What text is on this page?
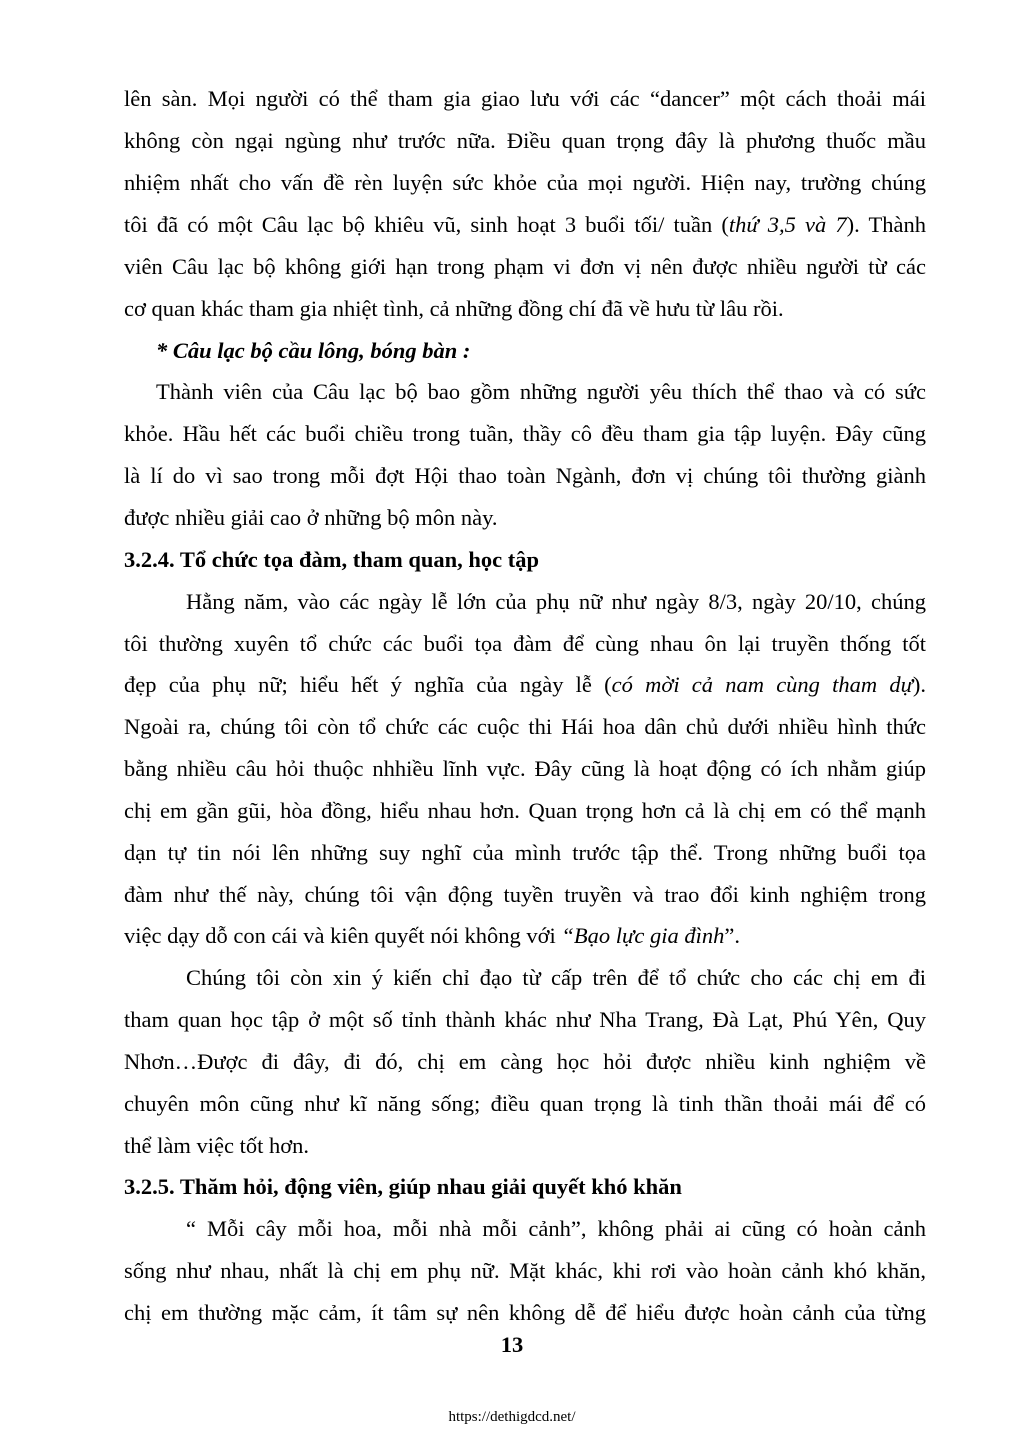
lên sàn. Mọi người có thể tham gia giao lưu với các “dancer” một cách thoải mái
không còn ngại ngùng như trước nữa. Điều quan trọng đây là phương thuốc mầu
nhiệm nhất cho vấn đề rèn luyện sức khỏe của mọi người. Hiện nay, trường chúng
tôi đã có một Câu lạc bộ khiêu vũ, sinh hoạt 3 buổi tối/ tuần (thứ 3,5 và 7). Thành
viên Câu lạc bộ không giới hạn trong phạm vi đơn vị nên được nhiều người từ các
cơ quan khác tham gia nhiệt tình, cả những đồng chí đã về hưu từ lâu rồi.
* Câu lạc bộ cầu lông, bóng bàn :
Thành viên của Câu lạc bộ bao gồm những người yêu thích thể thao và có sức
khỏe. Hầu hết các buổi chiều trong tuần, thầy cô đều tham gia tập luyện. Đây cũng
là lí do vì sao trong mỗi đợt Hội thao toàn Ngành, đơn vị chúng tôi thường giành
được nhiều giải cao ở những bộ môn này.
3.2.4. Tổ chức tọa đàm, tham quan, học tập
Hằng năm, vào các ngày lễ lớn của phụ nữ như ngày 8/3, ngày 20/10, chúng
tôi thường xuyên tổ chức các buổi tọa đàm để cùng nhau ôn lại truyền thống tốt
đẹp của phụ nữ; hiểu hết ý nghĩa của ngày lễ (có mời cả nam cùng tham dự).
Ngoài ra, chúng tôi còn tổ chức các cuộc thi Hái hoa dân chủ dưới nhiều hình thức
bằng nhiều câu hỏi thuộc nhhiều lĩnh vực. Đây cũng là hoạt động có ích nhằm giúp
chị em gần gũi, hòa đồng, hiểu nhau hơn. Quan trọng hơn cả là chị em có thể mạnh
dạn tự tin nói lên những suy nghĩ của mình trước tập thể. Trong những buổi tọa
đàm như thế này, chúng tôi vận động tuyền truyền và trao đổi kinh nghiệm trong
việc dạy dỗ con cái và kiên quyết nói không với “Bạo lực gia đình”.
Chúng tôi còn xin ý kiến chỉ đạo từ cấp trên để tổ chức cho các chị em đi
tham quan học tập ở một số tỉnh thành khác như Nha Trang, Đà Lạt, Phú Yên, Quy
Nhơn…Được đi đây, đi đó, chị em càng học hỏi được nhiều kinh nghiệm về
chuyên môn cũng như kĩ năng sống; điều quan trọng là tinh thần thoải mái để có
thể làm việc tốt hơn.
3.2.5. Thăm hỏi, động viên, giúp nhau giải quyết khó khăn
“ Mỗi cây mỗi hoa, mỗi nhà mỗi cảnh”, không phải ai cũng có hoàn cảnh
sống như nhau, nhất là chị em phụ nữ. Mặt khác, khi rơi vào hoàn cảnh khó khăn,
chị em thường mặc cảm, ít tâm sự nên không dễ để hiểu được hoàn cảnh của từng
13
https://dethigdcd.net/
